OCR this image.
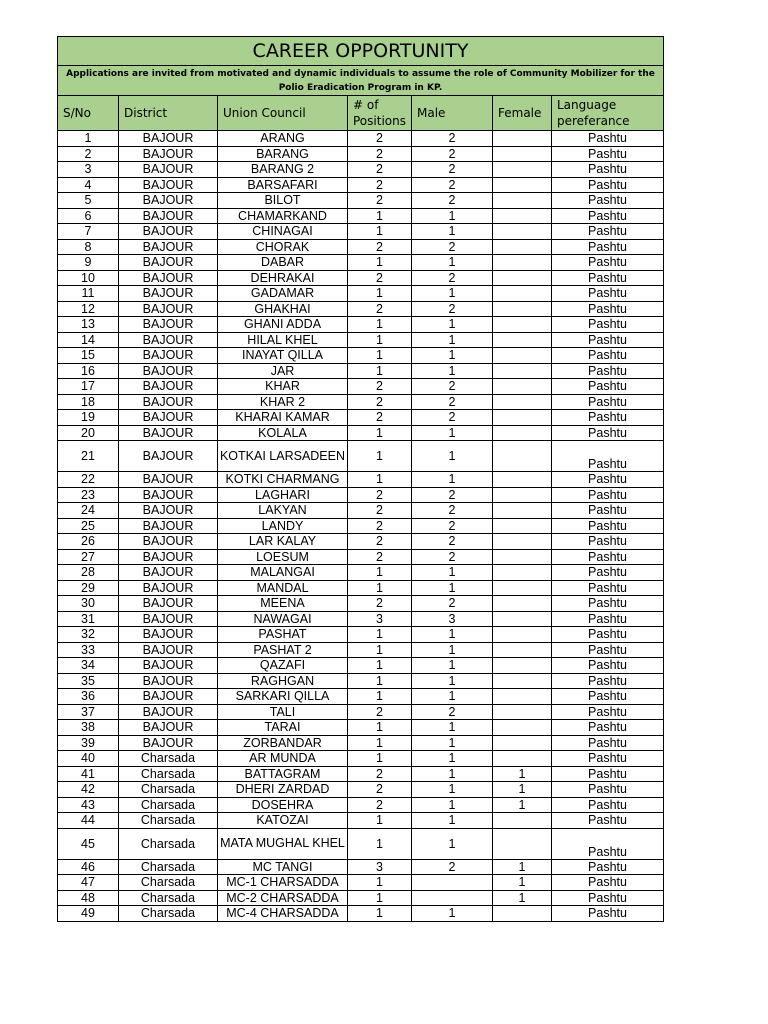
CAREER OPPORTUNITY						
Applications are invited from motivated and dynamic individuals to assume the role of Community Mobilizer for the Polio Eradication Program in KP.						
S/No	District	Union Council	# of Positions	Male	Female	Language pereferance
1	BAJOUR	ARANG	2	2		Pashtu
2	BAJOUR	BARANG	2	2		Pashtu
3	BAJOUR	BARANG 2	2	2		Pashtu
4	BAJOUR	BARSAFARI	2	2		Pashtu
5	BAJOUR	BILOT	2	2		Pashtu
6	BAJOUR	CHAMARKAND	1	1		Pashtu
7	BAJOUR	CHINAGAI	1	1		Pashtu
8	BAJOUR	CHORAK	2	2		Pashtu
9	BAJOUR	DABAR	1	1		Pashtu
10	BAJOUR	DEHRAKAI	2	2		Pashtu
11	BAJOUR	GADAMAR	1	1		Pashtu
12	BAJOUR	GHAKHAI	2	2		Pashtu
13	BAJOUR	GHANI ADDA	1	1		Pashtu
14	BAJOUR	HILAL KHEL	1	1		Pashtu
15	BAJOUR	INAYAT QILLA	1	1		Pashtu
16	BAJOUR	JAR	1	1		Pashtu
17	BAJOUR	KHAR	2	2		Pashtu
18	BAJOUR	KHAR 2	2	2		Pashtu
19	BAJOUR	KHARAI KAMAR	2	2		Pashtu
20	BAJOUR	KOLALA	1	1		Pashtu
21	BAJOUR	KOTKAI LARSADEEN	1	1		Pashtu
22	BAJOUR	KOTKI CHARMANG	1	1		Pashtu
23	BAJOUR	LAGHARI	2	2		Pashtu
24	BAJOUR	LAKYAN	2	2		Pashtu
25	BAJOUR	LANDY	2	2		Pashtu
26	BAJOUR	LAR KALAY	2	2		Pashtu
27	BAJOUR	LOESUM	2	2		Pashtu
28	BAJOUR	MALANGAI	1	1		Pashtu
29	BAJOUR	MANDAL	1	1		Pashtu
30	BAJOUR	MEENA	2	2		Pashtu
31	BAJOUR	NAWAGAI	3	3		Pashtu
32	BAJOUR	PASHAT	1	1		Pashtu
33	BAJOUR	PASHAT 2	1	1		Pashtu
34	BAJOUR	QAZAFI	1	1		Pashtu
35	BAJOUR	RAGHGAN	1	1		Pashtu
36	BAJOUR	SARKARI QILLA	1	1		Pashtu
37	BAJOUR	TALI	2	2		Pashtu
38	BAJOUR	TARAI	1	1		Pashtu
39	BAJOUR	ZORBANDAR	1	1		Pashtu
40	Charsada	AR MUNDA	1	1		Pashtu
41	Charsada	BATTAGRAM	2	1	1	Pashtu
42	Charsada	DHERI ZARDAD	2	1	1	Pashtu
43	Charsada	DOSEHRA	2	1	1	Pashtu
44	Charsada	KATOZAI	1	1		Pashtu
45	Charsada	MATA MUGHAL KHEL	1	1		Pashtu
46	Charsada	MC TANGI	3	2	1	Pashtu
47	Charsada	MC-1 CHARSADDA	1		1	Pashtu
48	Charsada	MC-2 CHARSADDA	1		1	Pashtu
49	Charsada	MC-4 CHARSADDA	1	1		Pashtu
